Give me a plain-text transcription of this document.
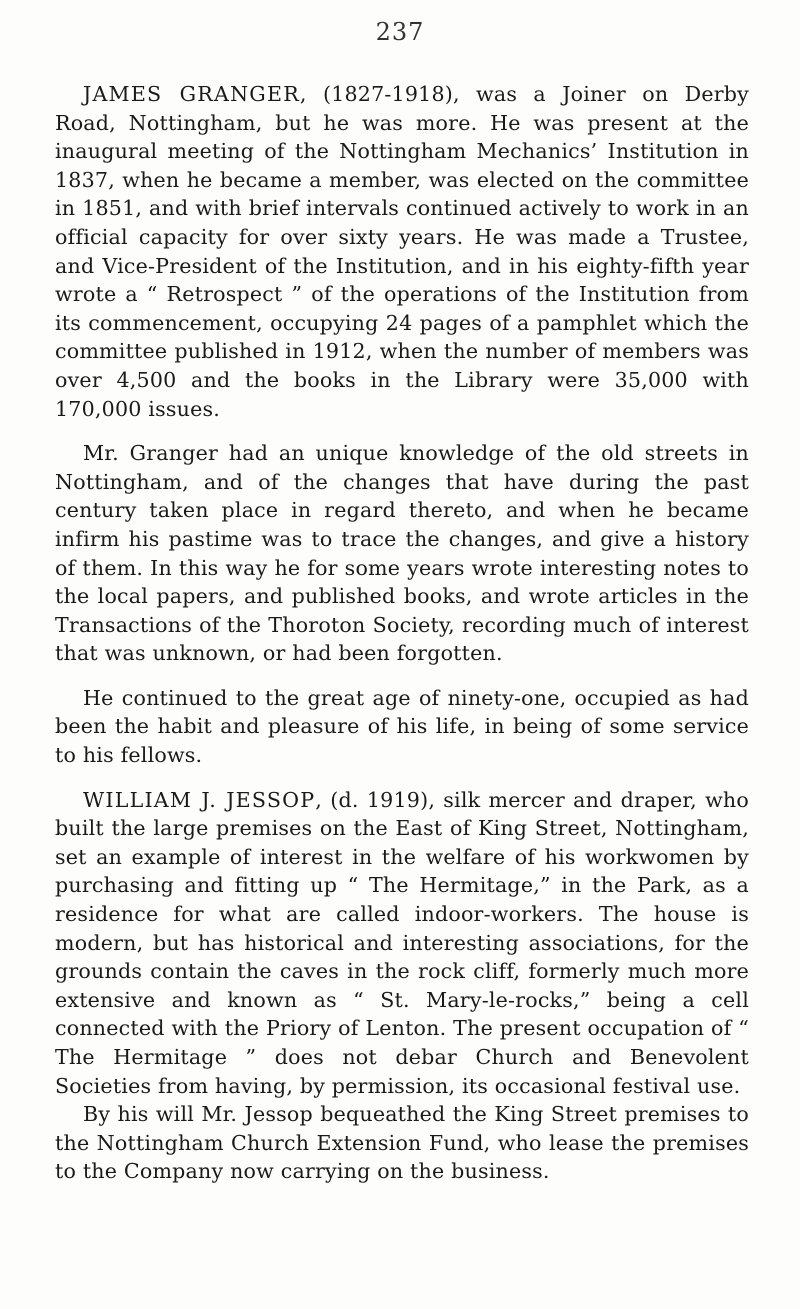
237

JAMES GRANGER, (1827-1918), was a Joiner on Derby Road, Nottingham, but he was more. He was present at the inaugural meeting of the Nottingham Mechanics’ Institution in 1837, when he became a member, was elected on the committee in 1851, and with brief intervals continued actively to work in an official capacity for over sixty years. He was made a Trustee, and Vice-President of the Institution, and in his eighty-fifth year wrote a “ Retrospect ” of the operations of the Institution from its commencement, occupying 24 pages of a pamphlet which the committee published in 1912, when the number of members was over 4,500 and the books in the Library were 35,000 with 170,000 issues.

Mr. Granger had an unique knowledge of the old streets in Nottingham, and of the changes that have during the past century taken place in regard thereto, and when he became infirm his pastime was to trace the changes, and give a history of them. In this way he for some years wrote interesting notes to the local papers, and published books, and wrote articles in the Transactions of the Thoroton Society, recording much of interest that was unknown, or had been forgotten.

He continued to the great age of ninety-one, occupied as had been the habit and pleasure of his life, in being of some service to his fellows.

WILLIAM J. JESSOP, (d. 1919), silk mercer and draper, who built the large premises on the East of King Street, Nottingham, set an example of interest in the welfare of his workwomen by purchasing and fitting up “ The Hermitage,” in the Park, as a residence for what are called indoor-workers. The house is modern, but has historical and interesting associations, for the grounds contain the caves in the rock cliff, formerly much more extensive and known as “ St. Mary-le-rocks,” being a cell connected with the Priory of Lenton. The present occupation of “ The Hermitage ” does not debar Church and Benevolent Societies from having, by permission, its occasional festival use.

By his will Mr. Jessop bequeathed the King Street premises to the Nottingham Church Extension Fund, who lease the premises to the Company now carrying on the business.
